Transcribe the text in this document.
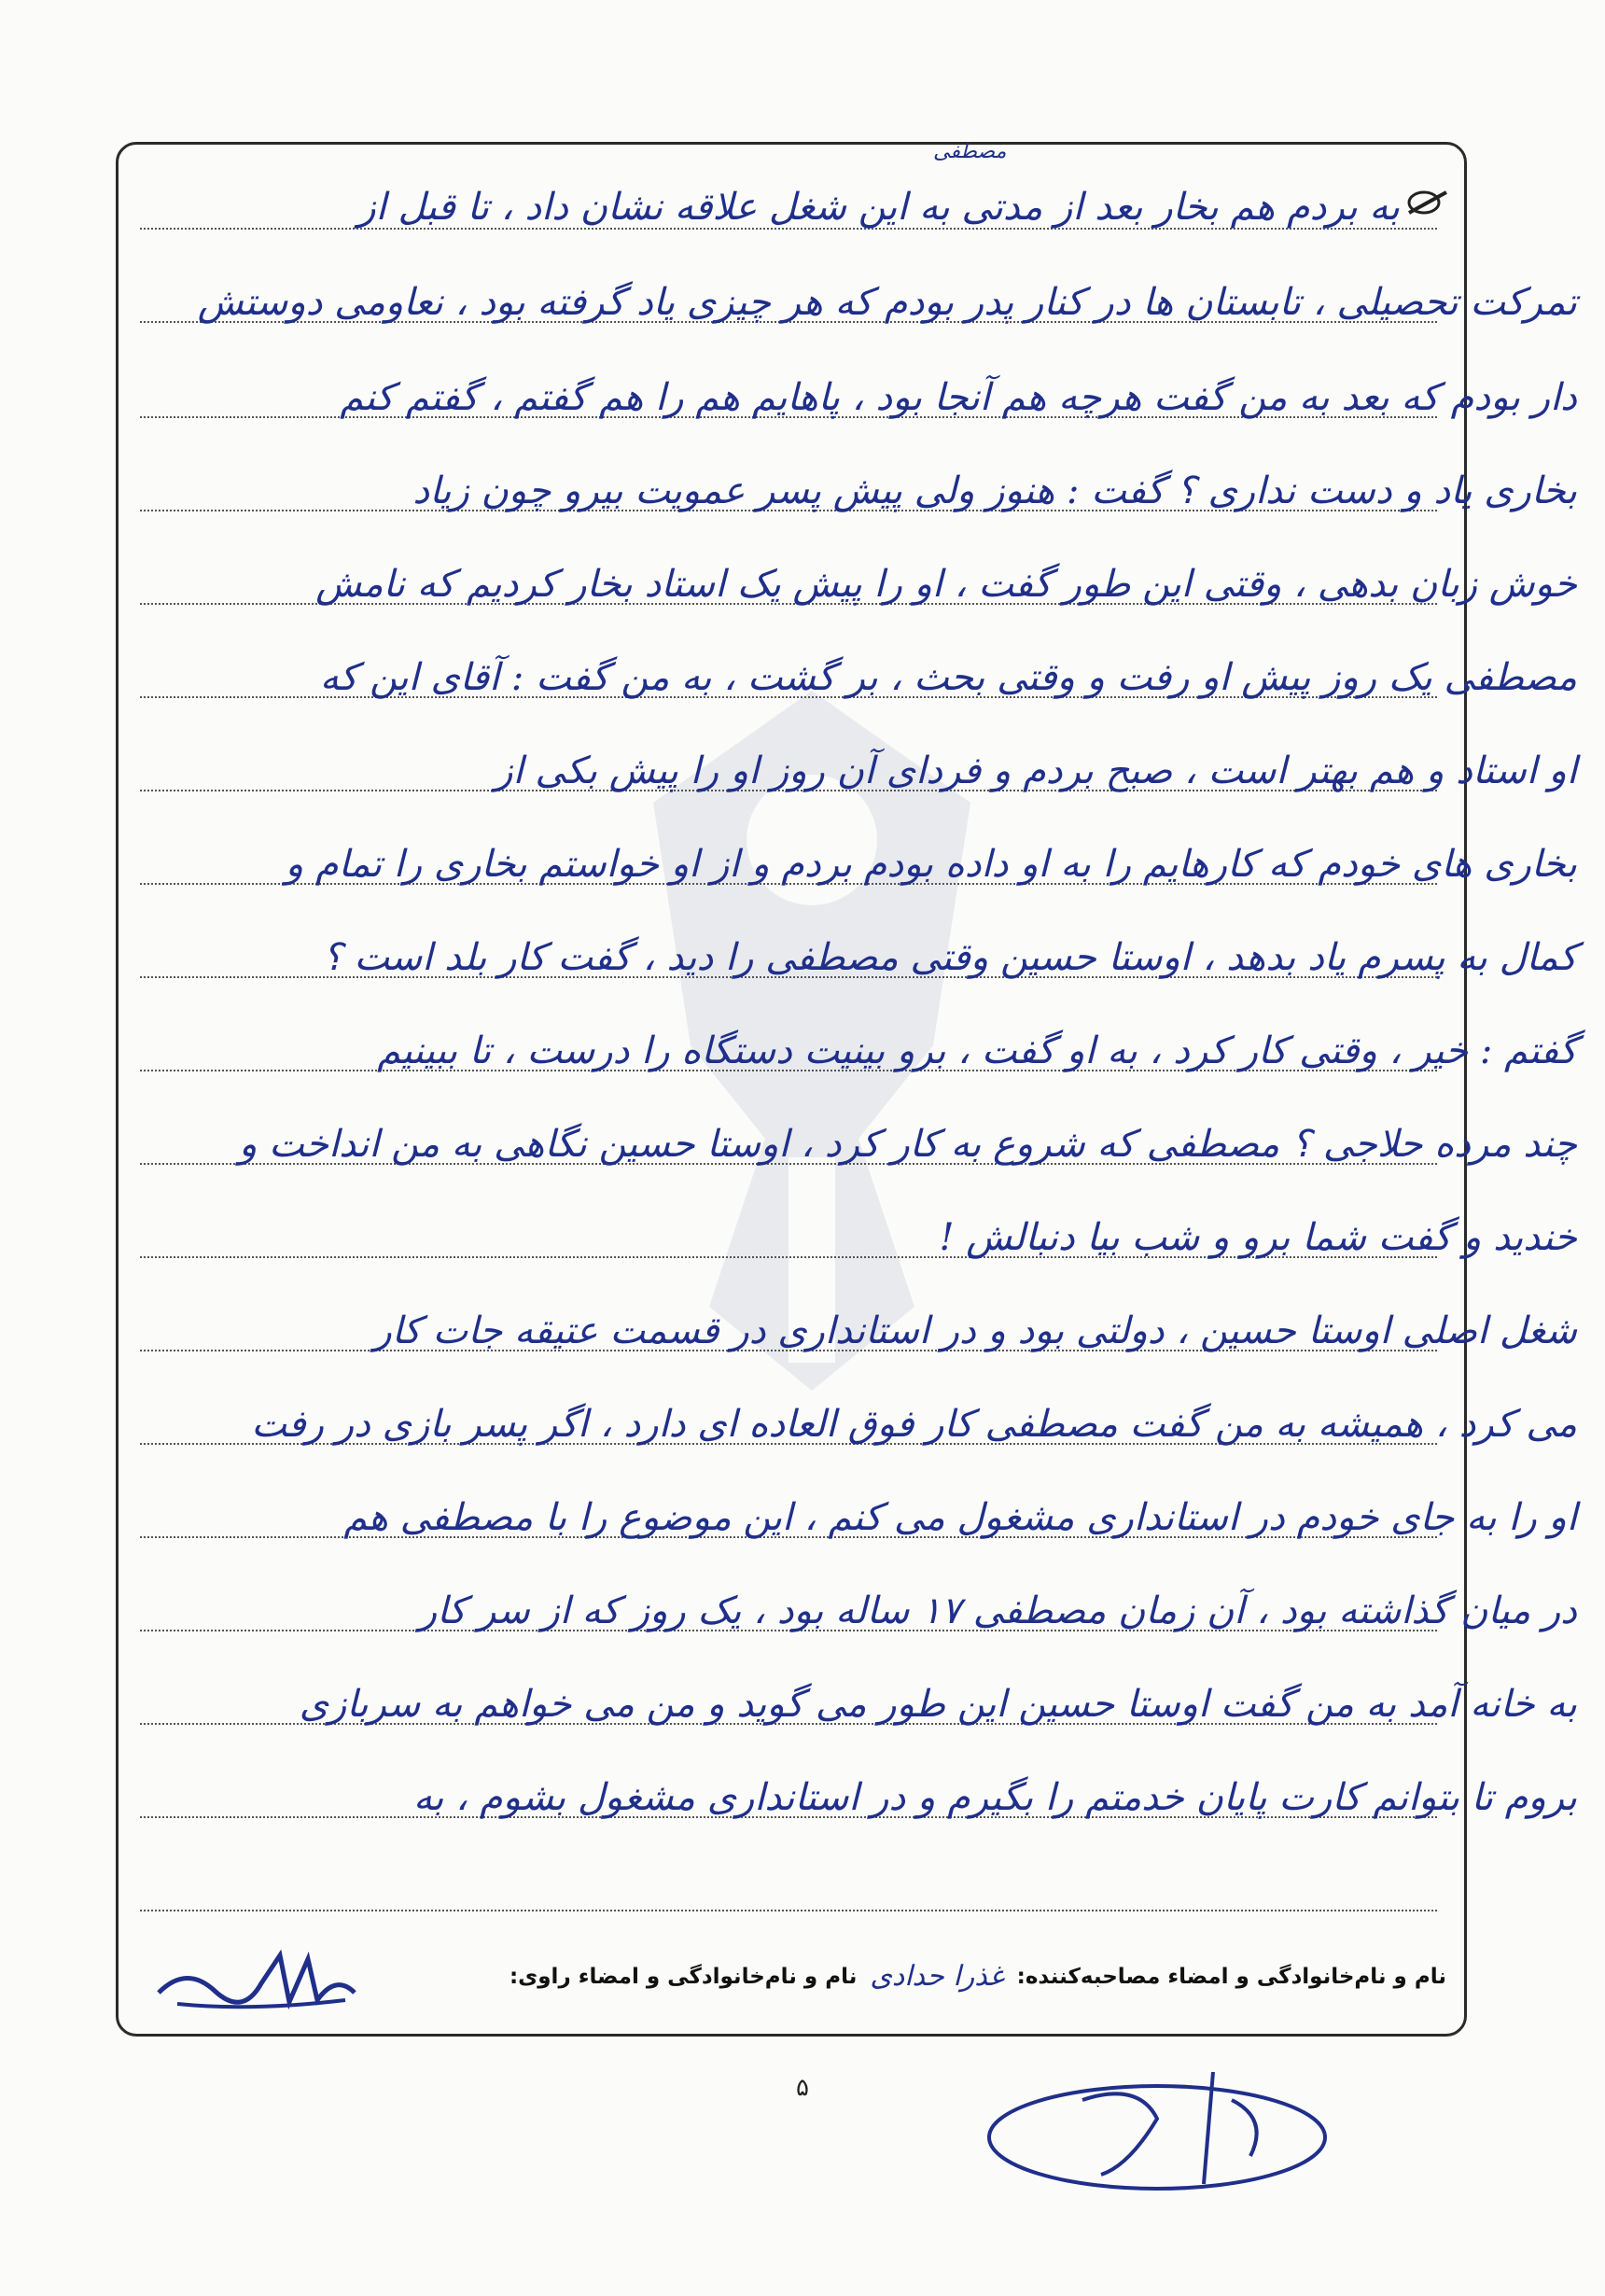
مصطفی
به بردم هم بخار بعد از مدتی به این شغل علاقه نشان داد ، تا قبل از
تمرکت تحصیلی ، تابستان ها در کنار پدر بودم که هر چیزی یاد گرفته بود ، نعاومی دوستش
دار بودم که بعد به من گفت هرچه هم آنجا بود ، پاهایم هم را هم گفتم ، گفتم کنم
بخاری یاد و دست نداری ؟ گفت : هنوز ولی پیش پسر عمویت بیرو چون زیاد
خوش زبان بدهی ، وقتی این طور گفت ، او را پیش یک استاد بخار کردیم که نامش
مصطفی یک روز پیش او رفت و وقتی بحث ، بر گشت ، به من گفت : آقای این که
او استاد و هم بهتر است ، صبح بردم و فردای آن روز او را پیش بکی از
بخاری های خودم که کارهایم را به او داده بودم بردم و از او خواستم بخاری را تمام و
کمال به پسرم یاد بدهد ، اوستا حسین وقتی مصطفی را دید ، گفت کار بلد است ؟
گفتم : خیر ، وقتی کار کرد ، به او گفت ، برو بینیت دستگاه را درست ، تا ببینیم
چند مرده حلاجی ؟ مصطفی که شروع به کار کرد ، اوستا حسین نگاهی به من انداخت و
خندید و گفت شما برو و شب بیا دنبالش !
شغل اصلی اوستا حسین ، دولتی بود و در استانداری در قسمت عتیقه جات کار
می کرد ، همیشه به من گفت مصطفی کار فوق العاده ای دارد ، اگر پسر بازی در رفت
او را به جای خودم در استانداری مشغول می کنم ، این موضوع را با مصطفی هم
در میان گذاشته بود ، آن زمان مصطفی ۱۷ ساله بود ، یک روز که از سر کار
به خانه آمد به من گفت اوستا حسین این طور می گوید و من می خواهم به سربازی
بروم تا بتوانم کارت پایان خدمتم را بگیرم و در استانداری مشغول بشوم ، به
نام و نام‌خانوادگی و امضاء مصاحبه‌کننده: غذرا حدادی نام و نام‌خانوادگی و امضاء راوی:
۵
